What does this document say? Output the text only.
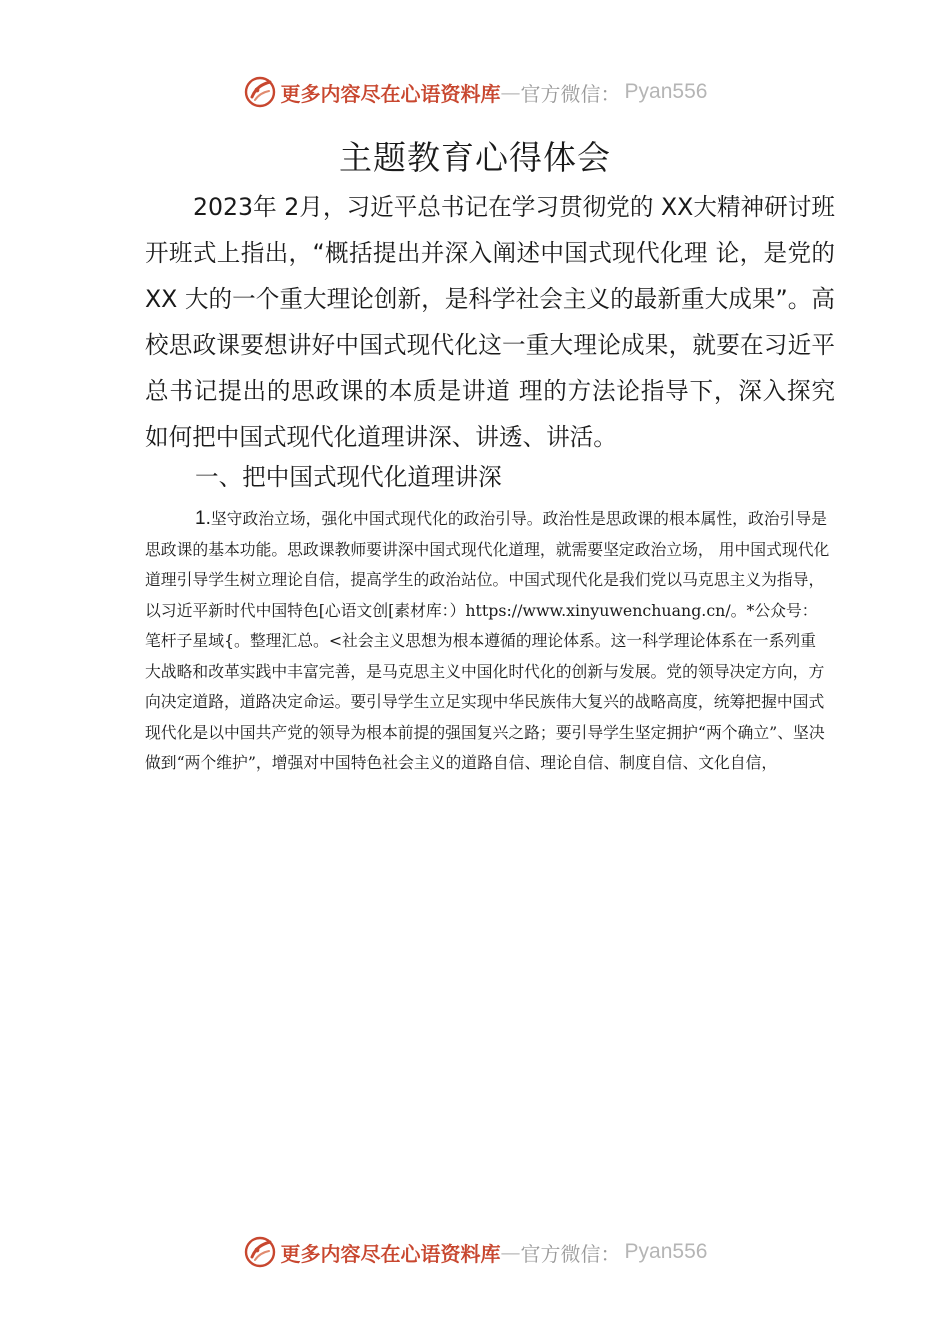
更多内容尽在心语资料库 — 官方微信： Pyan556
主题教育心得体会

2023年 2月，习近平总书记在学习贯彻党的 XX大精神研讨班开班式上指出，“概括提出并深入阐述中国式现代化理 论，是党的 XX 大的一个重大理论创新，是科学社会主义的最新重大成果”。高校思政课要想讲好中国式现代化这一重大理论成果，就要在习近平总书记提出的思政课的本质是讲道 理的方法论指导下，深入探究如何把中国式现代化道理讲深、讲透、讲活。

一、把中国式现代化道理讲深

1.坚守政治立场，强化中国式现代化的政治引导。政治性是思政课的根本属性，政治引导是思政课的基本功能。思政课教师要讲深中国式现代化道理，就需要坚定政治立场， 用中国式现代化道理引导学生树立理论自信，提高学生的政治站位。中国式现代化是我们党以马克思主义为指导，以习近平新时代中国特色[心语文创[素材库：）https://www.xinyuwenchuang.cn/。*公众号：笔杆子星域{。整理汇总。<社会主义思想为根本遵循的理论体系。这一科学理论体系在一系列重大战略和改革实践中丰富完善，是马克思主义中国化时代化的创新与发展。党的领导决定方向，方向决定道路，道路决定命运。要引导学生立足实现中华民族伟大复兴的战略高度，统筹把握中国式现代化是以中国共产党的领导为根本前提的强国复兴之路；要引导学生坚定拥护“两个确立”、坚决做到“两个维护”，增强对中国特色社会主义的道路自信、理论自信、制度自信、文化自信，

更多内容尽在心语资料库 — 官方微信： Pyan556
